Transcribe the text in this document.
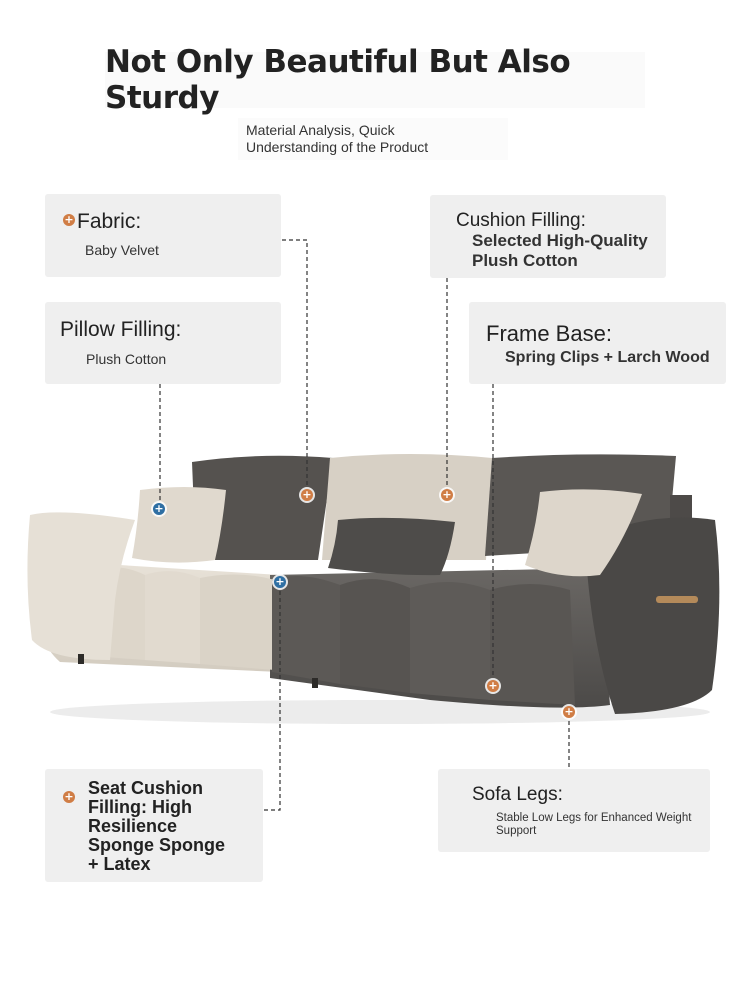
Not Only Beautiful But Also Sturdy
Material Analysis, Quick
Understanding of the Product
+
+
+
+
+
+
+ Fabric:
Baby Velvet
Pillow Filling:
Plush Cotton
Cushion Filling:
Selected High-Quality
Plush Cotton
Frame Base:
Spring Clips + Larch Wood
+ Seat Cushion
Filling: High
Resilience
Sponge Sponge
+ Latex
Sofa Legs:
Stable Low Legs for Enhanced Weight
Support
